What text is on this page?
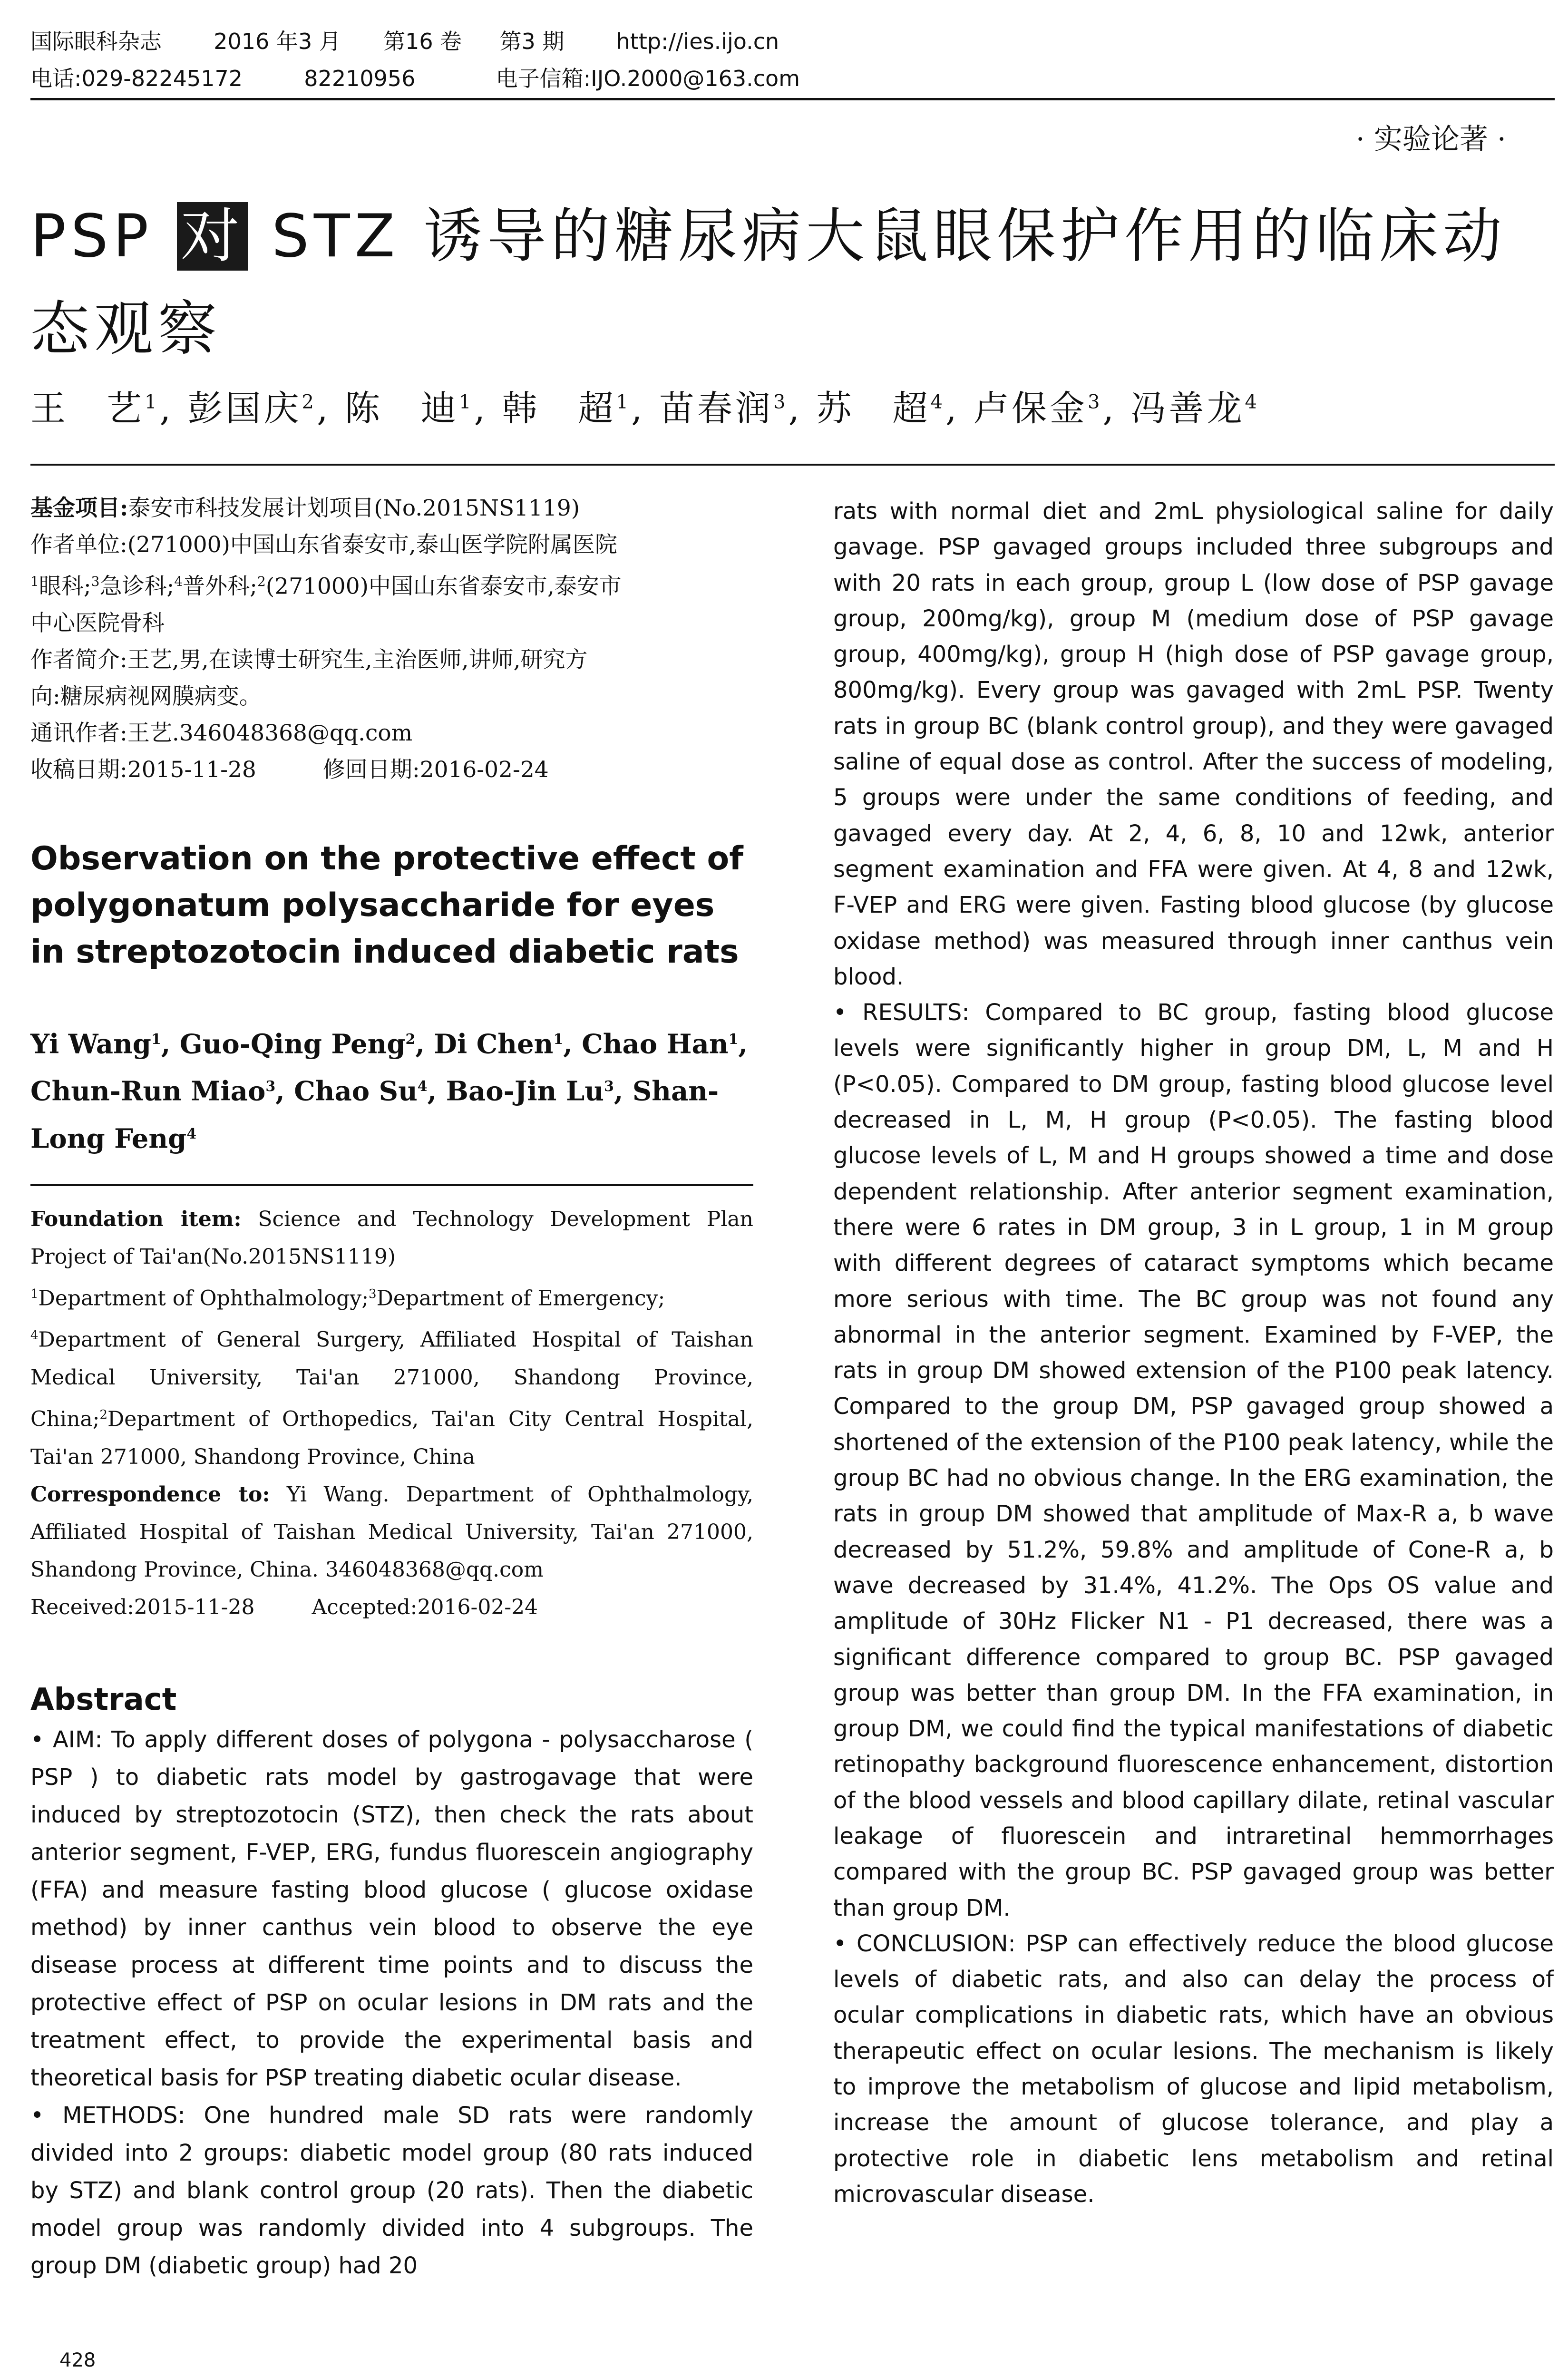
国际眼科杂志 2016 年3 月 第16 卷 第3 期 http://ies.ijo.cn
电话:029-82245172	82210956	电子信箱:IJO.2000@163.com
· 实验论著 ·
PSP 对 STZ 诱导的糖尿病大鼠眼保护作用的临床动态观察
王　艺$^1$, 彭国庆$^2$, 陈　迪$^1$, 韩　超$^1$, 苗春润$^3$, 苏　超$^4$, 卢保金$^3$, 冯善龙$^4$

基金项目:泰安市科技发展计划项目(No.2015NS1119)

作者单位:(271000)中国山东省泰安市,泰山医学院附属医院

$^1$眼科;$^3$急诊科;$^4$普外科;$^2$(271000)中国山东省泰安市,泰安市

中心医院骨科

作者简介:王艺,男,在读博士研究生,主治医师,讲师,研究方

向:糖尿病视网膜病变。

通讯作者:王艺.346048368@qq.com

收稿日期:2015-11-28	修回日期:2016-02-24

Observation on the protective effect of polygonatum polysaccharide for eyes in streptozotocin induced diabetic rats
Yi Wang$^1$, Guo-Qing Peng$^2$, Di Chen$^1$, Chao Han$^1$, Chun-Run Miao$^3$, Chao Su$^4$, Bao-Jin Lu$^3$, Shan-Long Feng$^4$

Foundation item: Science and Technology Development Plan Project of Tai'an(No.2015NS1119)

$^1$Department of Ophthalmology;$^3$Department of Emergency;
$^4$Department of General Surgery, Affiliated Hospital of Taishan Medical University, Tai'an 271000, Shandong Province, China;$^2$Department of Orthopedics, Tai'an City Central Hospital, Tai'an 271000, Shandong Province, China

Correspondence to: Yi Wang. Department of Ophthalmology, Affiliated Hospital of Taishan Medical University, Tai'an 271000, Shandong Province, China. 346048368@qq.com

Received:2015-11-28	Accepted:2016-02-24

Abstract

• AIM: To apply different doses of polygona - polysaccharose ( PSP ) to diabetic rats model by gastrogavage that were induced by streptozotocin (STZ), then check the rats about anterior segment, F-VEP, ERG, fundus fluorescein angiography (FFA) and measure fasting blood glucose ( glucose oxidase method) by inner canthus vein blood to observe the eye disease process at different time points and to discuss the protective effect of PSP on ocular lesions in DM rats and the treatment effect, to provide the experimental basis and theoretical basis for PSP treating diabetic ocular disease.

• METHODS: One hundred male SD rats were randomly divided into 2 groups: diabetic model group (80 rats induced by STZ) and blank control group (20 rats). Then the diabetic model group was randomly divided into 4 subgroups. The group DM (diabetic group) had 20

rats with normal diet and 2mL physiological saline for daily gavage. PSP gavaged groups included three subgroups and with 20 rats in each group, group L (low dose of PSP gavage group, 200mg/kg), group M (medium dose of PSP gavage group, 400mg/kg), group H (high dose of PSP gavage group, 800mg/kg). Every group was gavaged with 2mL PSP. Twenty rats in group BC (blank control group), and they were gavaged saline of equal dose as control. After the success of modeling, 5 groups were under the same conditions of feeding, and gavaged every day. At 2, 4, 6, 8, 10 and 12wk, anterior segment examination and FFA were given. At 4, 8 and 12wk, F-VEP and ERG were given. Fasting blood glucose (by glucose oxidase method) was measured through inner canthus vein blood.

• RESULTS: Compared to BC group, fasting blood glucose levels were significantly higher in group DM, L, M and H (P<0.05). Compared to DM group, fasting blood glucose level decreased in L, M, H group (P<0.05). The fasting blood glucose levels of L, M and H groups showed a time and dose dependent relationship. After anterior segment examination, there were 6 rates in DM group, 3 in L group, 1 in M group with different degrees of cataract symptoms which became more serious with time. The BC group was not found any abnormal in the anterior segment. Examined by F-VEP, the rats in group DM showed extension of the P100 peak latency. Compared to the group DM, PSP gavaged group showed a shortened of the extension of the P100 peak latency, while the group BC had no obvious change. In the ERG examination, the rats in group DM showed that amplitude of Max-R a, b wave decreased by 51.2%, 59.8% and amplitude of Cone-R a, b wave decreased by 31.4%, 41.2%. The Ops OS value and amplitude of 30Hz Flicker N1 - P1 decreased, there was a significant difference compared to group BC. PSP gavaged group was better than group DM. In the FFA examination, in group DM, we could find the typical manifestations of diabetic retinopathy background fluorescence enhancement, distortion of the blood vessels and blood capillary dilate, retinal vascular leakage of fluorescein and intraretinal hemmorrhages compared with the group BC. PSP gavaged group was better than group DM.

• CONCLUSION: PSP can effectively reduce the blood glucose levels of diabetic rats, and also can delay the process of ocular complications in diabetic rats, which have an obvious therapeutic effect on ocular lesions. The mechanism is likely to improve the metabolism of glucose and lipid metabolism, increase the amount of glucose tolerance, and play a protective role in diabetic lens metabolism and retinal microvascular disease.

428
